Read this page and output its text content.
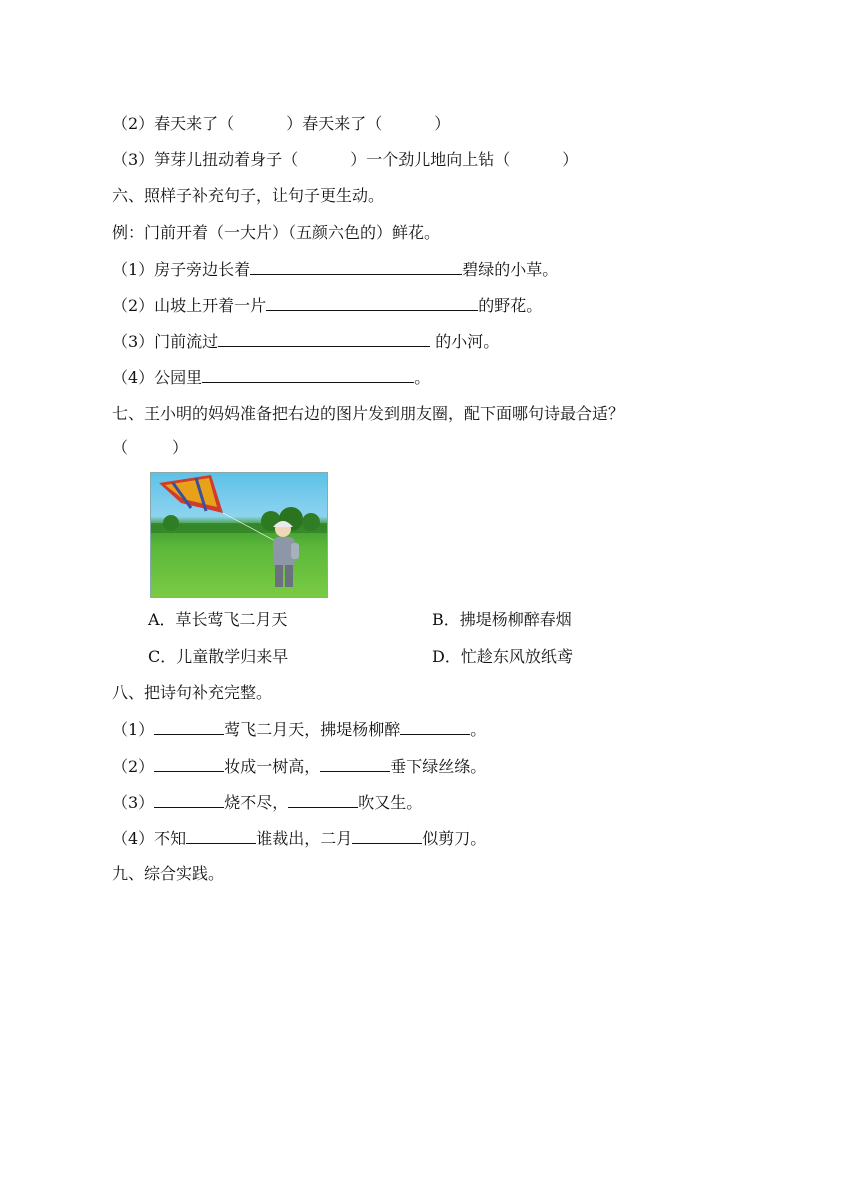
（2）春天来了（	）春天来了（	）
（3）笋芽儿扭动着身子（	）一个劲儿地向上钻（	）
六、照样子补充句子，让句子更生动。
例：门前开着（一大片）（五颜六色的）鲜花。
（1）房子旁边长着	碧绿的小草。
（2）山坡上开着一片	的野花。
（3）门前流过	的小河。
（4）公园里	。
七、王小明的妈妈准备把右边的图片发到朋友圈，配下面哪句诗最合适？
（	）
A．草长莺飞二月天	B．拂堤杨柳醉春烟
C．儿童散学归来早	D．忙趁东风放纸鸢
八、把诗句补充完整。
（1）	莺飞二月天，拂堤杨柳醉	。
（2）	妆成一树高，	垂下绿丝绦。
（3）	烧不尽，	吹又生。
（4）不知	谁裁出，二月	似剪刀。
九、综合实践。
